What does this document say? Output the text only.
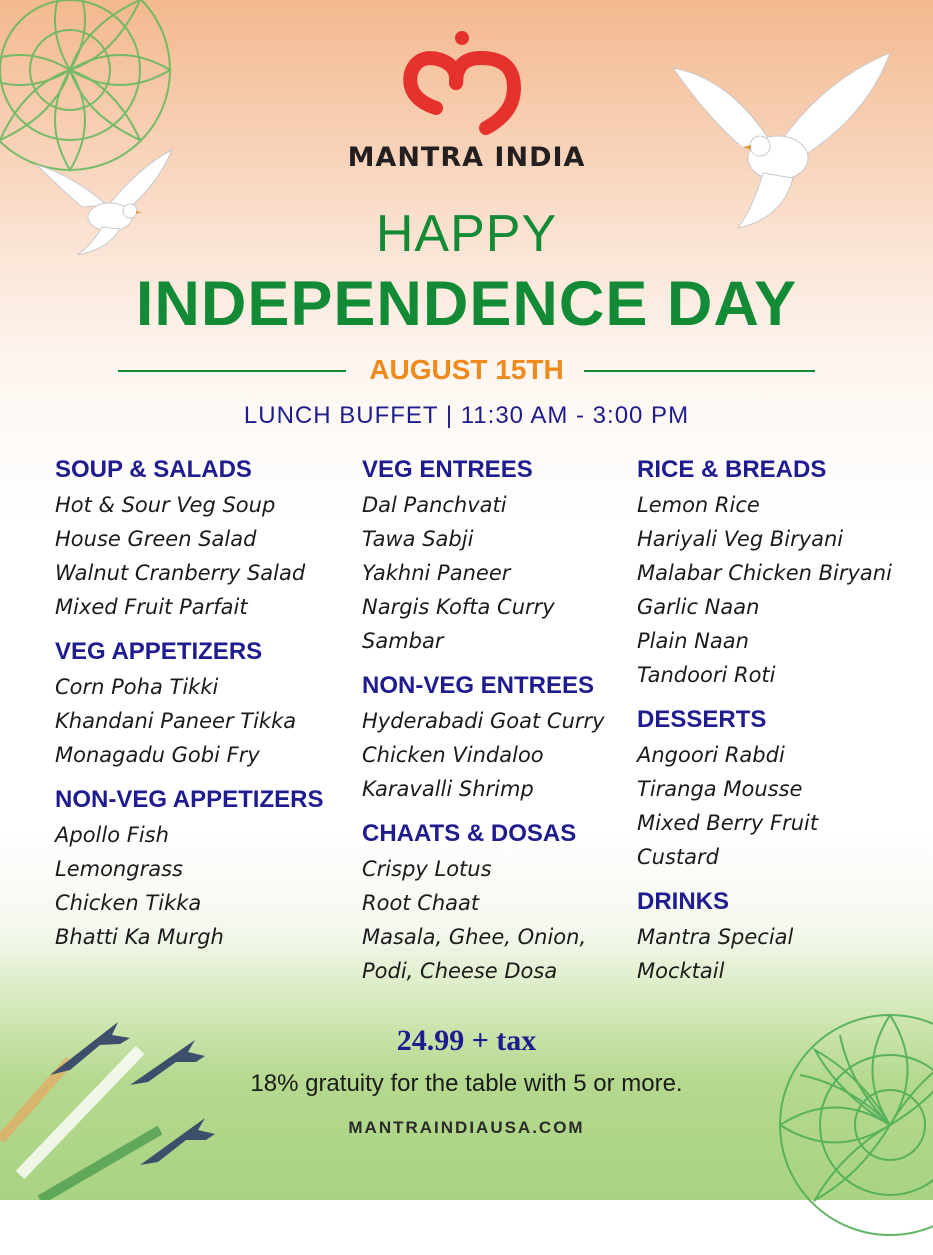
MANTRA INDIA
HAPPY
INDEPENDENCE DAY
AUGUST 15TH
LUNCH BUFFET | 11:30 AM - 3:00 PM
SOUP & SALADS
Hot & Sour Veg Soup
House Green Salad
Walnut Cranberry Salad
Mixed Fruit Parfait
VEG APPETIZERS
Corn Poha Tikki
Khandani Paneer Tikka
Monagadu Gobi Fry
NON-VEG APPETIZERS
Apollo Fish
Lemongrass
Chicken Tikka
Bhatti Ka Murgh
VEG ENTREES
Dal Panchvati
Tawa Sabji
Yakhni Paneer
Nargis Kofta Curry
Sambar
NON-VEG ENTREES
Hyderabadi Goat Curry
Chicken Vindaloo
Karavalli Shrimp
CHAATS & DOSAS
Crispy Lotus
Root Chaat
Masala, Ghee, Onion,
Podi, Cheese Dosa
RICE & BREADS
Lemon Rice
Hariyali Veg Biryani
Malabar Chicken Biryani
Garlic Naan
Plain Naan
Tandoori Roti
DESSERTS
Angoori Rabdi
Tiranga Mousse
Mixed Berry Fruit
Custard
DRINKS
Mantra Special
Mocktail
24.99 + tax
18% gratuity for the table with 5 or more.
MANTRAINDIAUSA.COM
